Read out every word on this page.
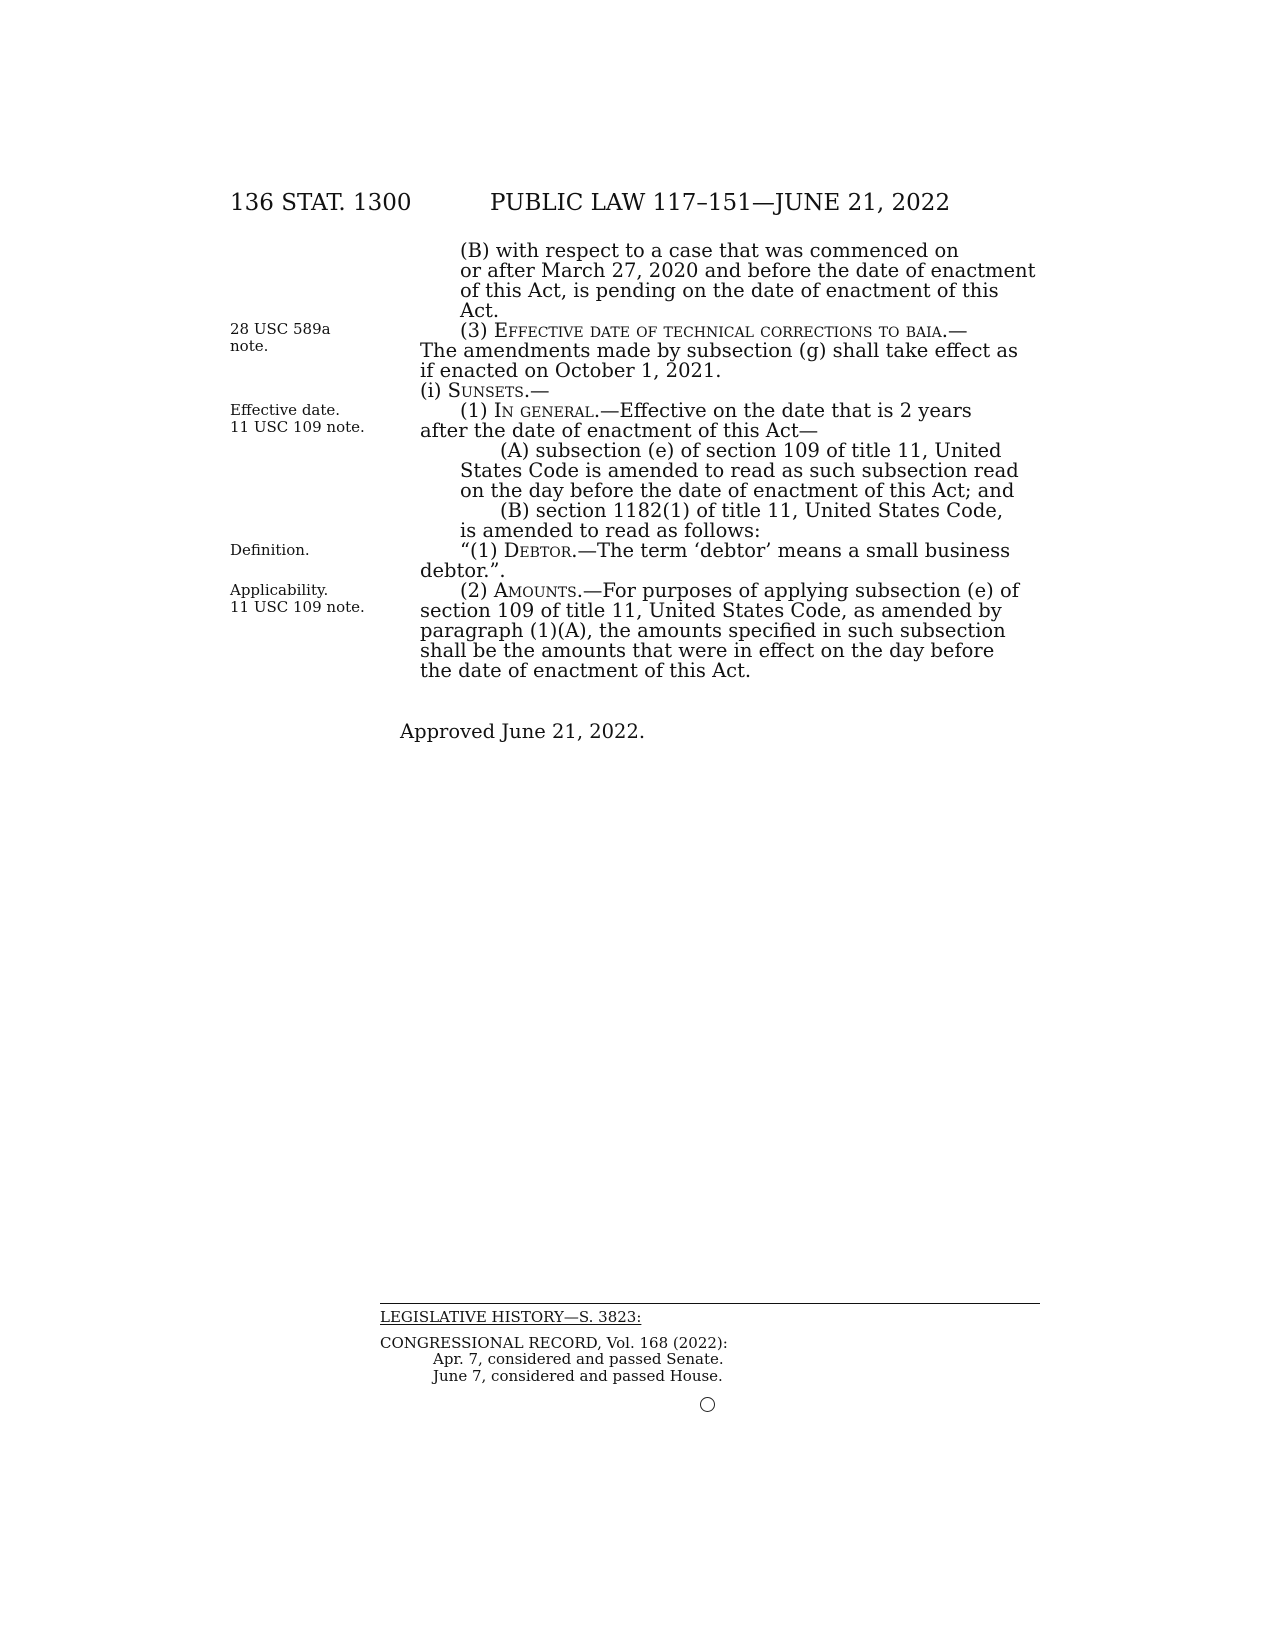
136 STAT. 1300	PUBLIC LAW 117–151—JUNE 21, 2022
28 USC 589a
note.
Effective date.
11 USC 109 note.
Definition.
Applicability.
11 USC 109 note.
(B) with respect to a case that was commenced on
or after March 27, 2020 and before the date of enactment
of this Act, is pending on the date of enactment of this
Act.
(3) Effective date of technical corrections to baia.—
The amendments made by subsection (g) shall take effect as
if enacted on October 1, 2021.
(i) Sunsets.—
(1) In general.—Effective on the date that is 2 years
after the date of enactment of this Act—
(A) subsection (e) of section 109 of title 11, United
States Code is amended to read as such subsection read
on the day before the date of enactment of this Act; and
(B) section 1182(1) of title 11, United States Code,
is amended to read as follows:
“(1) Debtor.—The term ‘debtor’ means a small business
debtor.”.
(2) Amounts.—For purposes of applying subsection (e) of
section 109 of title 11, United States Code, as amended by
paragraph (1)(A), the amounts specified in such subsection
shall be the amounts that were in effect on the day before
the date of enactment of this Act.
Approved June 21, 2022.
LEGISLATIVE HISTORY—S. 3823:
CONGRESSIONAL RECORD, Vol. 168 (2022):
Apr. 7, considered and passed Senate.
June 7, considered and passed House.
